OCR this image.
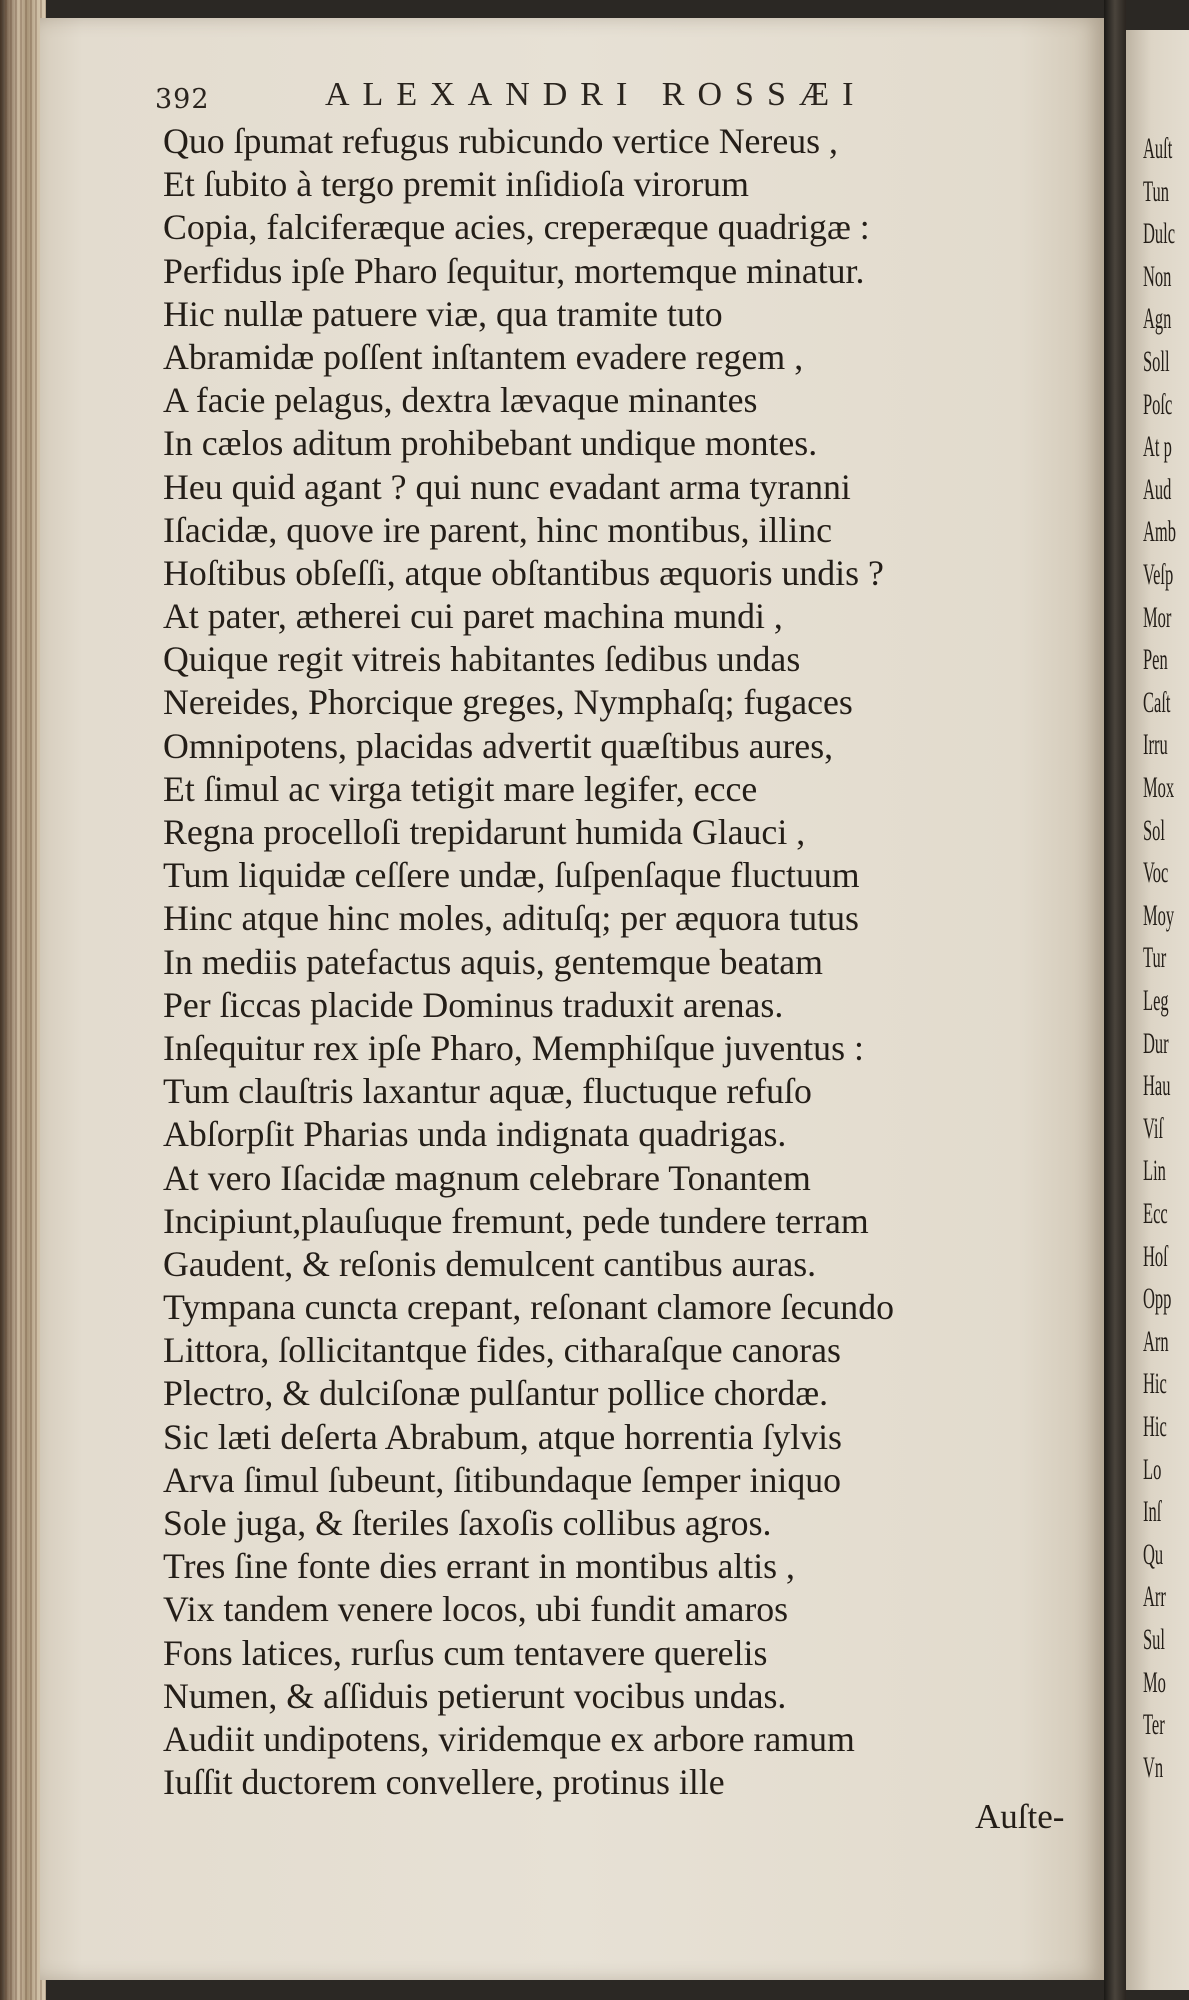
392	ALEXANDRI ROSSÆI
Quo ſpumat refugus rubicundo vertice Nereus ,
Et ſubito à tergo premit inſidioſa virorum
Copia, falciferæque acies, creperæque quadrigæ :
Perfidus ipſe Pharo ſequitur, mortemque minatur.
Hic nullæ patuere viæ, qua tramite tuto
Abramidæ poſſent inſtantem evadere regem ,
A facie pelagus, dextra lævaque minantes
In cælos aditum prohibebant undique montes.
Heu quid agant ? qui nunc evadant arma tyranni
Iſacidæ, quove ire parent, hinc montibus, illinc
Hoſtibus obſeſſi, atque obſtantibus æquoris undis ?
At pater, ætherei cui paret machina mundi ,
Quique regit vitreis habitantes ſedibus undas
Nereides, Phorcique greges, Nymphaſq; fugaces
Omnipotens, placidas advertit quæſtibus aures,
Et ſimul ac virga tetigit mare legifer, ecce
Regna procelloſi trepidarunt humida Glauci ,
Tum liquidæ ceſſere undæ, ſuſpenſaque fluctuum
Hinc atque hinc moles, adituſq; per æquora tutus
In mediis patefactus aquis, gentemque beatam
Per ſiccas placide Dominus traduxit arenas.
Inſequitur rex ipſe Pharo, Memphiſque juventus :
Tum clauſtris laxantur aquæ, fluctuque refuſo
Abſorpſit Pharias unda indignata quadrigas.
At vero Iſacidæ magnum celebrare Tonantem
Incipiunt,plauſuque fremunt, pede tundere terram
Gaudent, & reſonis demulcent cantibus auras.
Tympana cuncta crepant, reſonant clamore ſecundo
Littora, ſollicitantque fides, citharaſque canoras
Plectro, & dulciſonæ pulſantur pollice chordæ.
Sic læti deſerta Abrabum, atque horrentia ſylvis
Arva ſimul ſubeunt, ſitibundaque ſemper iniquo
Sole juga, & ſteriles ſaxoſis collibus agros.
Tres ſine fonte dies errant in montibus altis ,
Vix tandem venere locos, ubi fundit amaros
Fons latices, rurſus cum tentavere querelis
Numen, & aſſiduis petierunt vocibus undas.
Audiit undipotens, viridemque ex arbore ramum
Iuſſit ductorem convellere, protinus ille
Auſte-
Auſt
Tun
Dulc
Non
Agn
Soll
Poſc
At p
Aud
Amb
Veſp
Mor
Pen
Caſt
Irru
Mox
Sol
Voc
Moy
Tur
Leg
Dur
Hau
Viſ
Lin
Ecc
Hoſ
Opp
Arn
Hic
Hic
Lo
Inſ
Qu
Arr
Sul
Mo
Ter
Vn
